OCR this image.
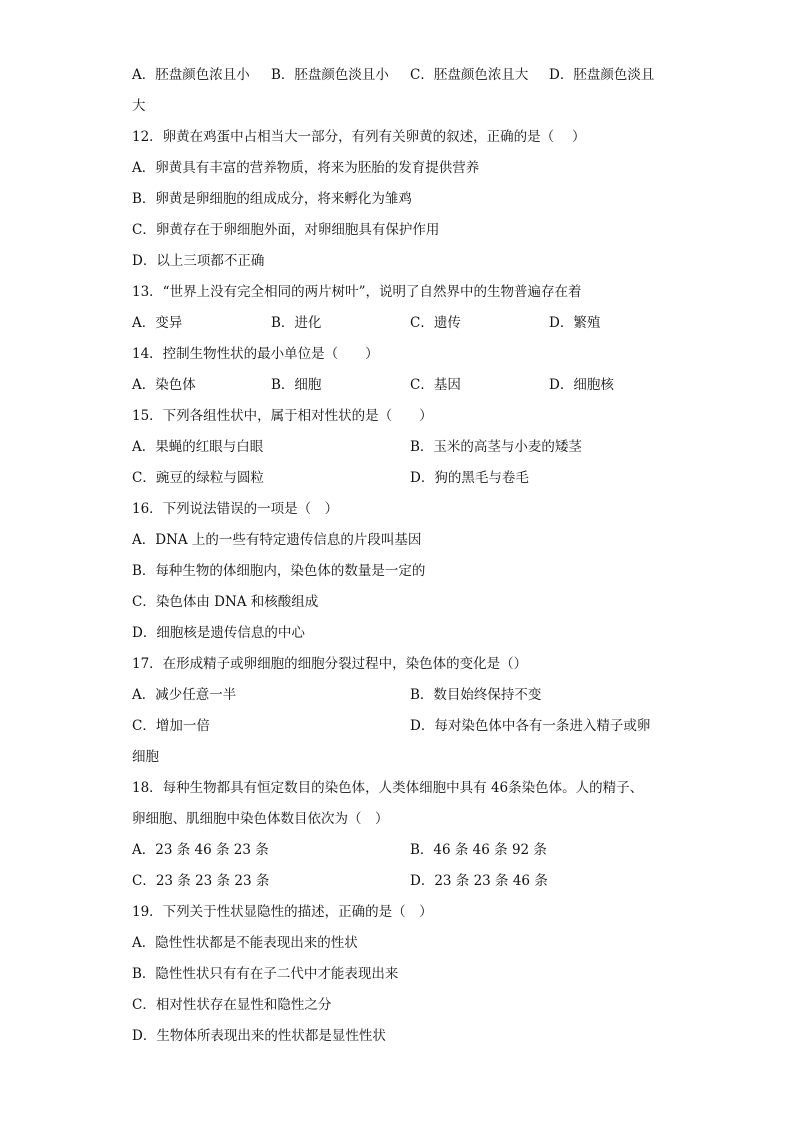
A．胚盘颜色浓且小 B．胚盘颜色淡且小 C．胚盘颜色浓且大 D．胚盘颜色淡且
大
12．卵黄在鸡蛋中占相当大一部分，有列有关卵黄的叙述，正确的是（　 ）
A．卵黄具有丰富的营养物质，将来为胚胎的发育提供营养
B．卵黄是卵细胞的组成成分，将来孵化为雏鸡
C．卵黄存在于卵细胞外面，对卵细胞具有保护作用
D．以上三项都不正确
13．“世界上没有完全相同的两片树叶”，说明了自然界中的生物普遍存在着
A．变异	B．进化	C．遗传	D．繁殖
14．控制生物性状的最小单位是（　　）
A．染色体	B．细胞	C．基因	D．细胞核
15．下列各组性状中，属于相对性状的是（　　）
A．果蝇的红眼与白眼	B．玉米的高茎与小麦的矮茎
C．豌豆的绿粒与圆粒	D．狗的黑毛与卷毛
16．下列说法错误的一项是（　）
A．DNA 上的一些有特定遗传信息的片段叫基因
B．每种生物的体细胞内，染色体的数量是一定的
C．染色体由 DNA 和核酸组成
D．细胞核是遗传信息的中心
17．在形成精子或卵细胞的细胞分裂过程中，染色体的变化是（）
A．减少任意一半	B．数目始终保持不变
C．增加一倍	D．每对染色体中各有一条进入精子或卵
细胞
18．每种生物都具有恒定数目的染色体，人类体细胞中具有 46条染色体。人的精子、
卵细胞、肌细胞中染色体数目依次为（　）
A．23 条 46 条 23 条	B．46 条 46 条 92 条
C．23 条 23 条 23 条	D．23 条 23 条 46 条
19．下列关于性状显隐性的描述，正确的是（　）
A．隐性性状都是不能表现出来的性状
B．隐性性状只有有在子二代中才能表现出来
C．相对性状存在显性和隐性之分
D．生物体所表现出来的性状都是显性性状
